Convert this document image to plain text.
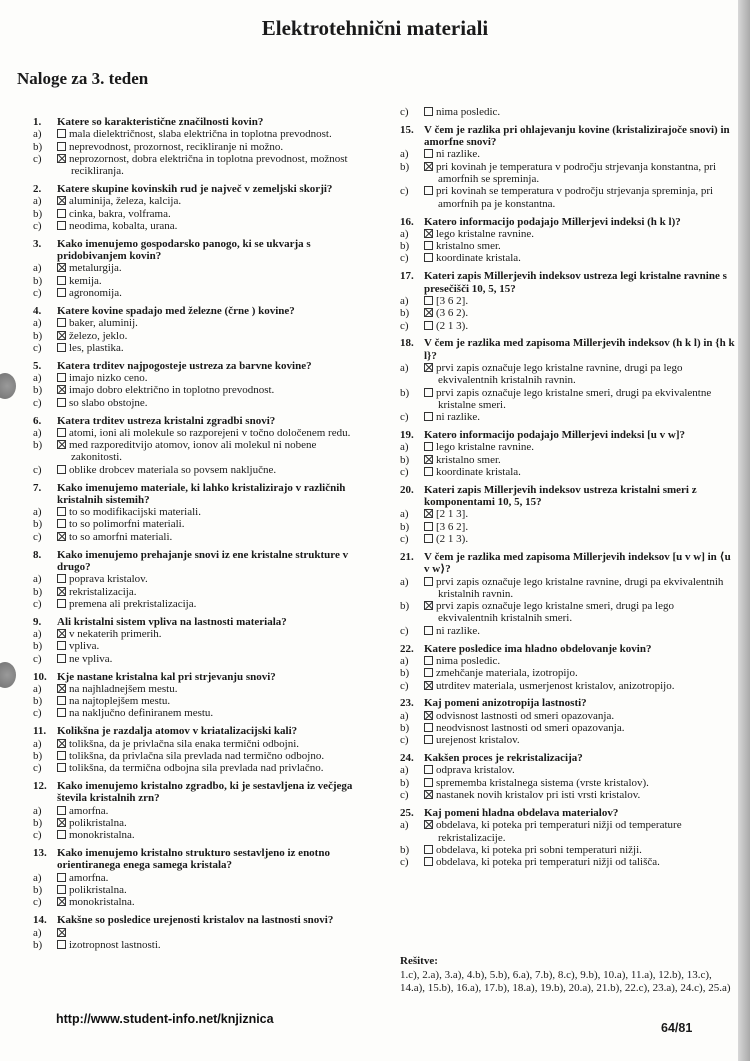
Elektrotehnični materiali
Naloge za 3. teden
1.	Katere so karakteristične značilnosti kovin?
a)	mala dielektričnost, slaba električna in toplotna prevodnost.
b)	neprevodnost, prozornost, recikliranje ni možno.
c)	neprozornost, dobra električna in toplotna prevodnost, možnost recikliranja.
2.	Katere skupine kovinskih rud je največ v zemeljski skorji?
a)	aluminija, železa, kalcija.
b)	cinka, bakra, volframa.
c)	neodima, kobalta, urana.
3.	Kako imenujemo gospodarsko panogo, ki se ukvarja s pridobivanjem kovin?
a)	metalurgija.
b)	kemija.
c)	agronomija.
4.	Katere kovine spadajo med železne (črne ) kovine?
a)	baker, aluminij.
b)	železo, jeklo.
c)	les, plastika.
5.	Katera trditev najpogosteje ustreza za barvne kovine?
a)	imajo nizko ceno.
b)	imajo dobro električno in toplotno prevodnost.
c)	so slabo obstojne.
6.	Katera trditev ustreza kristalni zgradbi snovi?
a)	atomi, ioni ali molekule so razporejeni v točno določenem redu.
b)	med razporeditvijo atomov, ionov ali molekul ni nobene zakonitosti.
c)	oblike drobcev materiala so povsem naključne.
7.	Kako imenujemo materiale, ki lahko kristalizirajo v različnih kristalnih sistemih?
a)	to so modifikacijski materiali.
b)	to so polimorfni materiali.
c)	to so amorfni materiali.
8.	Kako imenujemo prehajanje snovi iz ene kristalne strukture v drugo?
a)	poprava kristalov.
b)	rekristalizacija.
c)	premena ali prekristalizacija.
9.	Ali kristalni sistem vpliva na lastnosti materiala?
a)	v nekaterih primerih.
b)	vpliva.
c)	ne vpliva.
10. Kje nastane kristalna kal pri strjevanju snovi?
a)	na najhladnejšem mestu.
b)	na najtoplejšem mestu.
c)	na naključno definiranem mestu.
11. Kolikšna je razdalja atomov v kriatalizacijski kali?
a)	tolikšna, da je privlačna sila enaka termični odbojni.
b)	tolikšna, da privlačna sila prevlada nad termično odbojno.
c)	tolikšna, da termična odbojna sila prevlada nad privlačno.
12. Kako imenujemo kristalno zgradbo, ki je sestavljena iz večjega števila kristalnih zrn?
a)	amorfna.
b)	polikristalna.
c)	monokristalna.
13. Kako imenujemo kristalno strukturo sestavljeno iz enotno orientiranega enega samega kristala?
a)	amorfna.
b)	polikristalna.
c)	monokristalna.
14. Kakšne so posledice urejenosti kristalov na lastnosti snovi?
a)
b)	izotropnost lastnosti.
c)	nima posledic.
15. V čem je razlika pri ohlajevanju kovine (kristalizirajoče snovi) in amorfne snovi?
a)	ni razlike.
b)	pri kovinah je temperatura v področju strjevanja konstantna, pri amorfnih se spreminja.
c)	pri kovinah se temperatura v področju strjevanja spreminja, pri amorfnih pa je konstantna.
16. Katero informacijo podajajo Millerjevi indeksi (h k l)?
a)	lego kristalne ravnine.
b)	kristalno smer.
c)	koordinate kristala.
17. Kateri zapis Millerjevih indeksov ustreza legi kristalne ravnine s presečišči 10, 5, 15?
a)	[3 6 2].
b)	(3 6 2).
c)	(2 1 3).
18. V čem je razlika med zapisoma Millerjevih indeksov (h k l) in {h k l}?
a)	prvi zapis označuje lego kristalne ravnine, drugi pa lego ekvivalentnih kristalnih ravnin.
b)	prvi zapis označuje lego kristalne smeri, drugi pa ekvivalentne kristalne smeri.
c)	ni razlike.
19. Katero informacijo podajajo Millerjevi indeksi [u v w]?
a)	lego kristalne ravnine.
b)	kristalno smer.
c)	koordinate kristala.
20. Kateri zapis Millerjevih indeksov ustreza kristalni smeri z komponentami 10, 5, 15?
a)	[2 1 3].
b)	[3 6 2].
c)	(2 1 3).
21. V čem je razlika med zapisoma Millerjevih indeksov [u v w] in ⟨u v w⟩?
a)	prvi zapis označuje lego kristalne ravnine, drugi pa ekvivalentnih kristalnih ravnin.
b)	prvi zapis označuje lego kristalne smeri, drugi pa lego ekvivalentnih kristalnih smeri.
c)	ni razlike.
22. Katere posledice ima hladno obdelovanje kovin?
a)	nima posledic.
b)	zmehčanje materiala, izotropijo.
c)	utrditev materiala, usmerjenost kristalov, anizotropijo.
23. Kaj pomeni anizotropija lastnosti?
a)	odvisnost lastnosti od smeri opazovanja.
b)	neodvisnost lastnosti od smeri opazovanja.
c)	urejenost kristalov.
24. Kakšen proces je rekristalizacija?
a)	odprava kristalov.
b)	sprememba kristalnega sistema (vrste kristalov).
c)	nastanek novih kristalov pri isti vrsti kristalov.
25. Kaj pomeni hladna obdelava materialov?
a)	obdelava, ki poteka pri temperaturi nižji od temperature rekristalizacije.
b)	obdelava, ki poteka pri sobni temperaturi nižji.
c)	obdelava, ki poteka pri temperaturi nižji od tališča.
Rešitve:
1.c), 2.a), 3.a), 4.b), 5.b), 6.a), 7.b), 8.c), 9.b), 10.a), 11.a), 12.b), 13.c), 14.a), 15.b), 16.a), 17.b), 18.a), 19.b), 20.a), 21.b), 22.c), 23.a), 24.c), 25.a)
http://www.student-info.net/knjiznica
64/81
